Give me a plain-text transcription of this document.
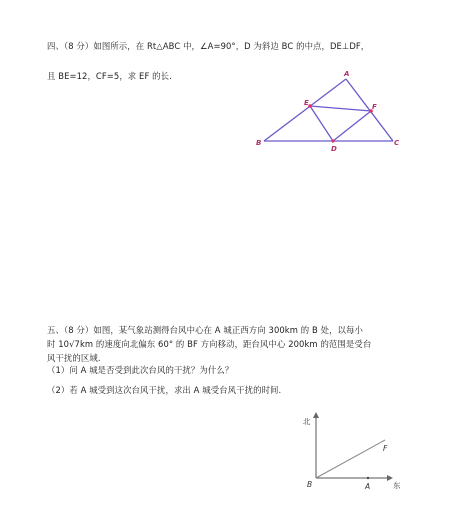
四、（8 分）如图所示，在 Rt△ABC 中，∠A=90°，D 为斜边 BC 的中点，DE⊥DF，
且 BE=12，CF=5，求 EF 的长.	A
B	C
D
E	F
五、（8 分）如图，某气象站测得台风中心在 A 城正西方向 300km 的 B 处，以每小
时 10√7km 的速度向北偏东 60° 的 BF 方向移动，距台风中心 200km 的范围是受台
风干扰的区域.
（1）问 A 城是否受到此次台风的干扰？为什么？
（2）若 A 城受到这次台风干扰，求出 A 城受台风干扰的时间.
北
东
B	A
F
